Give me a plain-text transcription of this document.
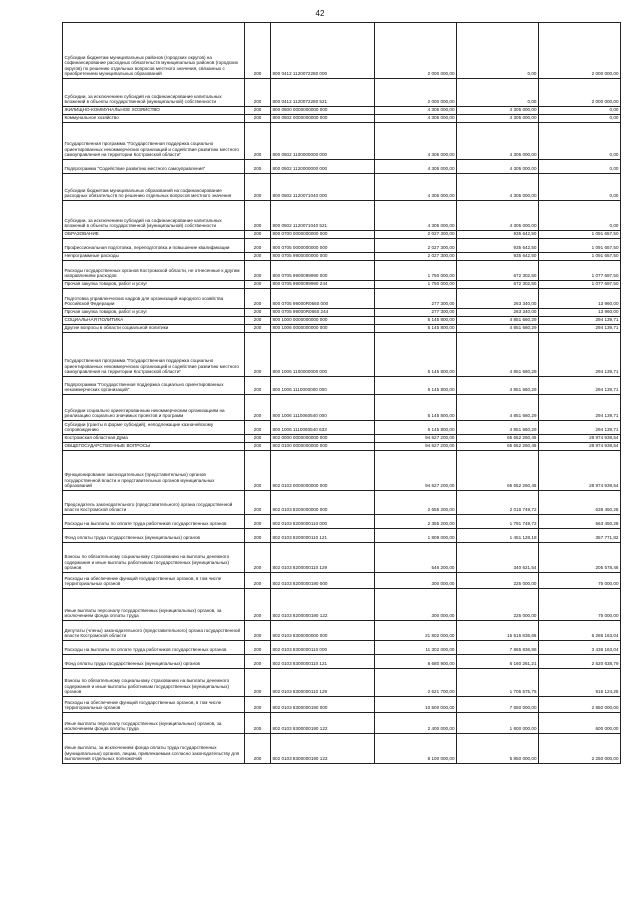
42
Субсидии бюджетам муниципальных районов (городских округов) на софинансирование расходных обязательств муниципальных районов (городских округов) по решению отдельных вопросов местного значения, связанных с приобретением муниципальных образований	200	800 0412 1120072280 000	2 000 000,00	0,00	2 000 000,00
Субсидии, за исключением субсидий на софинансирование капитальных вложений в объекты государственной (муниципальной) собственности	200	800 0412 1120072280 521	2 000 000,00	0,00	2 000 000,00
ЖИЛИЩНО-КОММУНАЛЬНОЕ ХОЗЯЙСТВО	200	800 0500 0000000000 000	4 305 000,00	4 305 000,00	0,00
Коммунальное хозяйство	200	800 0502 0000000000 000	4 305 000,00	4 305 000,00	0,00
Государственная программа "Государственная поддержка социально ориентированных некоммерческих организаций и содействие развитию местного самоуправления на территории Костромской области"	200	800 0502 1100000000 000	4 305 000,00	4 305 000,00	0,00
Подпрограмма "Содействие развитию местного самоуправления"	200	800 0502 1120000000 000	4 305 000,00	4 305 000,00	0,00
Субсидии бюджетам муниципальных образований на софинансирование расходных обязательств по решению отдельных вопросов местного значения	200	800 0502 1120071040 000	4 305 000,00	4 305 000,00	0,00
Субсидии, за исключением субсидий на софинансирование капитальных вложений в объекты государственной (муниципальной) собственности	200	800 0502 1120071040 521	4 305 000,00	4 305 000,00	0,00
ОБРАЗОВАНИЕ	200	800 0700 0000000000 000	2 027 300,00	935 642,50	1 091 657,50
Профессиональная подготовка, переподготовка и повышение квалификации	200	800 0705 0000000000 000	2 027 300,00	935 642,50	1 091 657,50
Непрограммные расходы	200	800 0705 9900000000 000	2 027 300,00	935 642,50	1 091 657,50
Расходы государственных органов Костромской области, не отнесенные к другим направлениям расходов	200	800 0705 9900099990 000	1 750 000,00	672 302,50	1 077 697,50
Прочая закупка товаров, работ и услуг	200	800 0705 9900099990 244	1 750 000,00	672 302,50	1 077 697,50
Подготовка управленческих кадров для организаций народного хозяйства Российской Федерации	200	800 0705 99000R0660 000	277 300,00	263 340,00	13 960,00
Прочая закупка товаров, работ и услуг	200	800 0705 99000R0660 244	277 300,00	263 340,00	13 960,00
СОЦИАЛЬНАЯ ПОЛИТИКА	200	800 1000 0000000000 000	5 145 800,00	4 851 660,29	294 139,71
Другие вопросы в области социальной политики	200	800 1006 0000000000 000	5 145 800,00	4 851 660,29	294 139,71
Государственная программа "Государственная поддержка социально ориентированных некоммерческих организаций и содействие развитию местного самоуправления на территории Костромской области"	200	800 1006 1100000000 000	5 145 800,00	4 851 660,29	294 139,71
Подпрограмма "Государственная поддержка социально ориентированных некоммерческих организаций"	200	800 1006 1110000000 000	5 145 800,00	4 851 660,29	294 139,71
Субсидии социально ориентированным некоммерческим организациям на реализацию социально значимых проектов и программ	200	800 1006 1110060540 000	5 145 800,00	4 851 660,29	294 139,71
Субсидии (гранты в форме субсидий), неподлежащие казначейскому сопровождению	200	800 1006 1110060540 633	5 145 800,00	4 851 660,29	294 139,71
Костромская областная Дума	200	802 0000 0000000000 000	94 627 200,00	65 652 260,46	28 974 939,54
ОБЩЕГОСУДАРСТВЕННЫЕ ВОПРОСЫ	200	802 0100 0000000000 000	94 627 200,00	65 652 260,46	28 974 939,54
Функционирование законодательных (представительных) органов государственной власти и представительных органов муниципальных образований	200	802 0103 0000000000 000	94 627 200,00	65 652 260,46	28 974 939,54
Председатель законодательного (представительного) органа государственной власти Костромской области	200	802 0103 8200000000 000	2 655 200,00	2 016 749,72	638 450,28
Расходы на выплаты по оплате труда работников государственных органов	200	802 0103 8200000110 000	2 355 200,00	1 791 749,72	563 450,28
Фонд оплаты труда государственных (муниципальных) органов	200	802 0103 8200000110 121	1 809 000,00	1 451 128,18	357 771,82
Взносы по обязательному социальному страхованию на выплаты денежного содержания и иные выплаты работникам государственных (муниципальных) органов	200	802 0103 8200000110 129	546 200,00	340 621,54	205 578,46
Расходы на обеспечение функций государственных органов, в том числе территориальных органов	200	802 0103 8200000190 000	300 000,00	225 000,00	75 000,00
Иные выплаты персоналу государственных (муниципальных) органов, за исключением фонда оплаты труда	200	802 0103 8200000190 122	300 000,00	225 000,00	75 000,00
Депутаты (члены) законодательного (представительного) органа государственной власти Костромской области	200	802 0103 8300000000 000	21 802 000,00	15 515 836,66	6 286 163,04
Расходы на выплаты по оплате труда работников государственных органов	200	802 0103 8300000110 000	11 302 000,00	7 865 836,96	3 436 163,04
Фонд оплаты труда государственных (муниципальных) органов	200	802 0103 8300000110 121	8 680 900,00	6 160 261,21	2 520 638,79
Взносы по обязательному социальному страхованию на выплаты денежного содержания и иные выплаты работникам государственных (муниципальных) органов	200	802 0103 8300000110 129	2 621 700,00	1 705 575,75	916 124,25
Расходы на обеспечение функций государственных органов, в том числе территориальных органов	200	802 0103 8300000190 000	10 500 000,00	7 650 000,00	2 850 000,00
Иные выплаты персоналу государственных (муниципальных) органов, за исключением фонда оплаты труда	200	802 0103 8300000190 122	2 400 000,00	1 800 000,00	600 000,00
Иные выплаты, за исключением фонда оплаты труда государственных (муниципальных) органов, лицам, привлекаемым согласно законодательству для выполнения отдельных полномочий	200	802 0103 8300000190 123	8 100 000,00	5 850 000,00	2 250 000,00
